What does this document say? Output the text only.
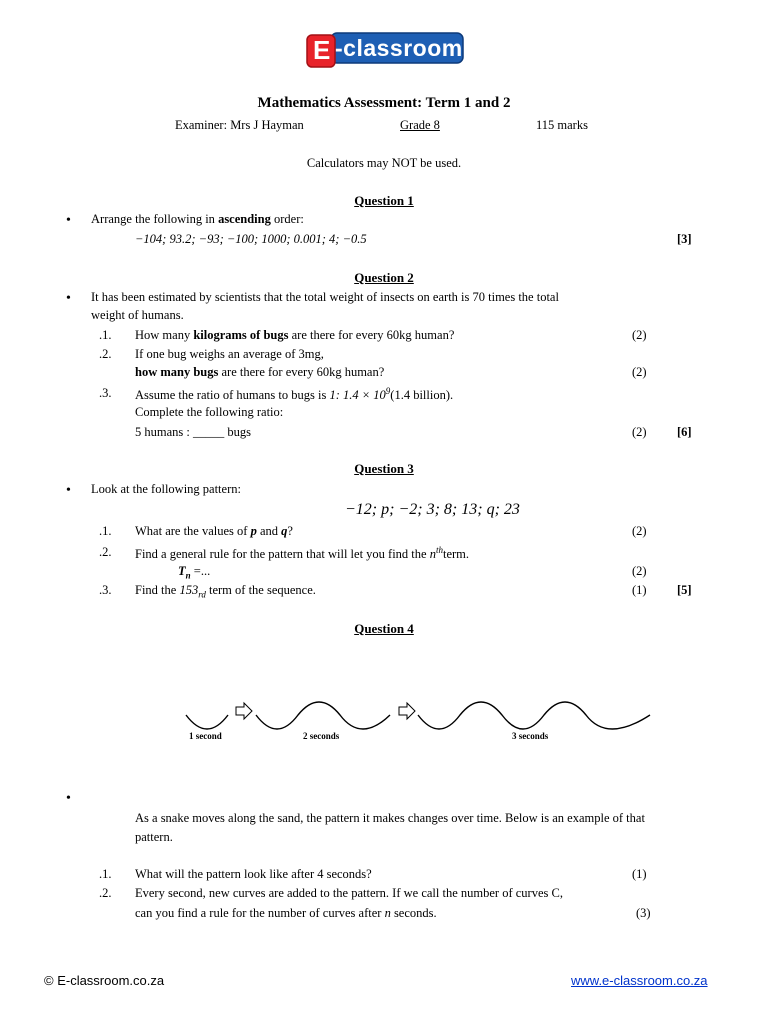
E -classroom
Mathematics Assessment: Term 1 and 2
Examiner: Mrs J Hayman	Grade 8	115 marks
Calculators may NOT be used.
Question 1
• Arrange the following in ascending order:
−104; 93.2; −93; −100; 1000; 0.001; 4; −0.5	[3]
Question 2
• It has been estimated by scientists that the total weight of insects on earth is 70 times the total
weight of humans.
.1. How many kilograms of bugs are there for every 60kg human?	(2)
.2. If one bug weighs an average of 3mg,
how many bugs are there for every 60kg human?	(2)
.3. Assume the ratio of humans to bugs is 1: $1.4 \times 10^9(1.4$ billion).
Complete the following ratio:
5 humans : _____ bugs	(2) [6]
Question 3
• Look at the following pattern:
−12; p; −2; 3; 8; 13; q; 23
.1. What are the values of p and q?	(2)
.2. Find a general rule for the pattern that will let you find the $n^{th}term$.
$T_n$ =...	(2)
.3. Find the $153_{rd}$ term of the sequence.	(1) [5]
Question 4
1 second	2 seconds	3 seconds
•
As a snake moves along the sand, the pattern it makes changes over time. Below is an example of that
pattern.
.1. What will the pattern look like after 4 seconds?	(1)
.2. Every second, new curves are added to the pattern. If we call the number of curves C,
can you find a rule for the number of curves after n seconds.	(3)
© E-classroom.co.za	www.e-classroom.co.za
